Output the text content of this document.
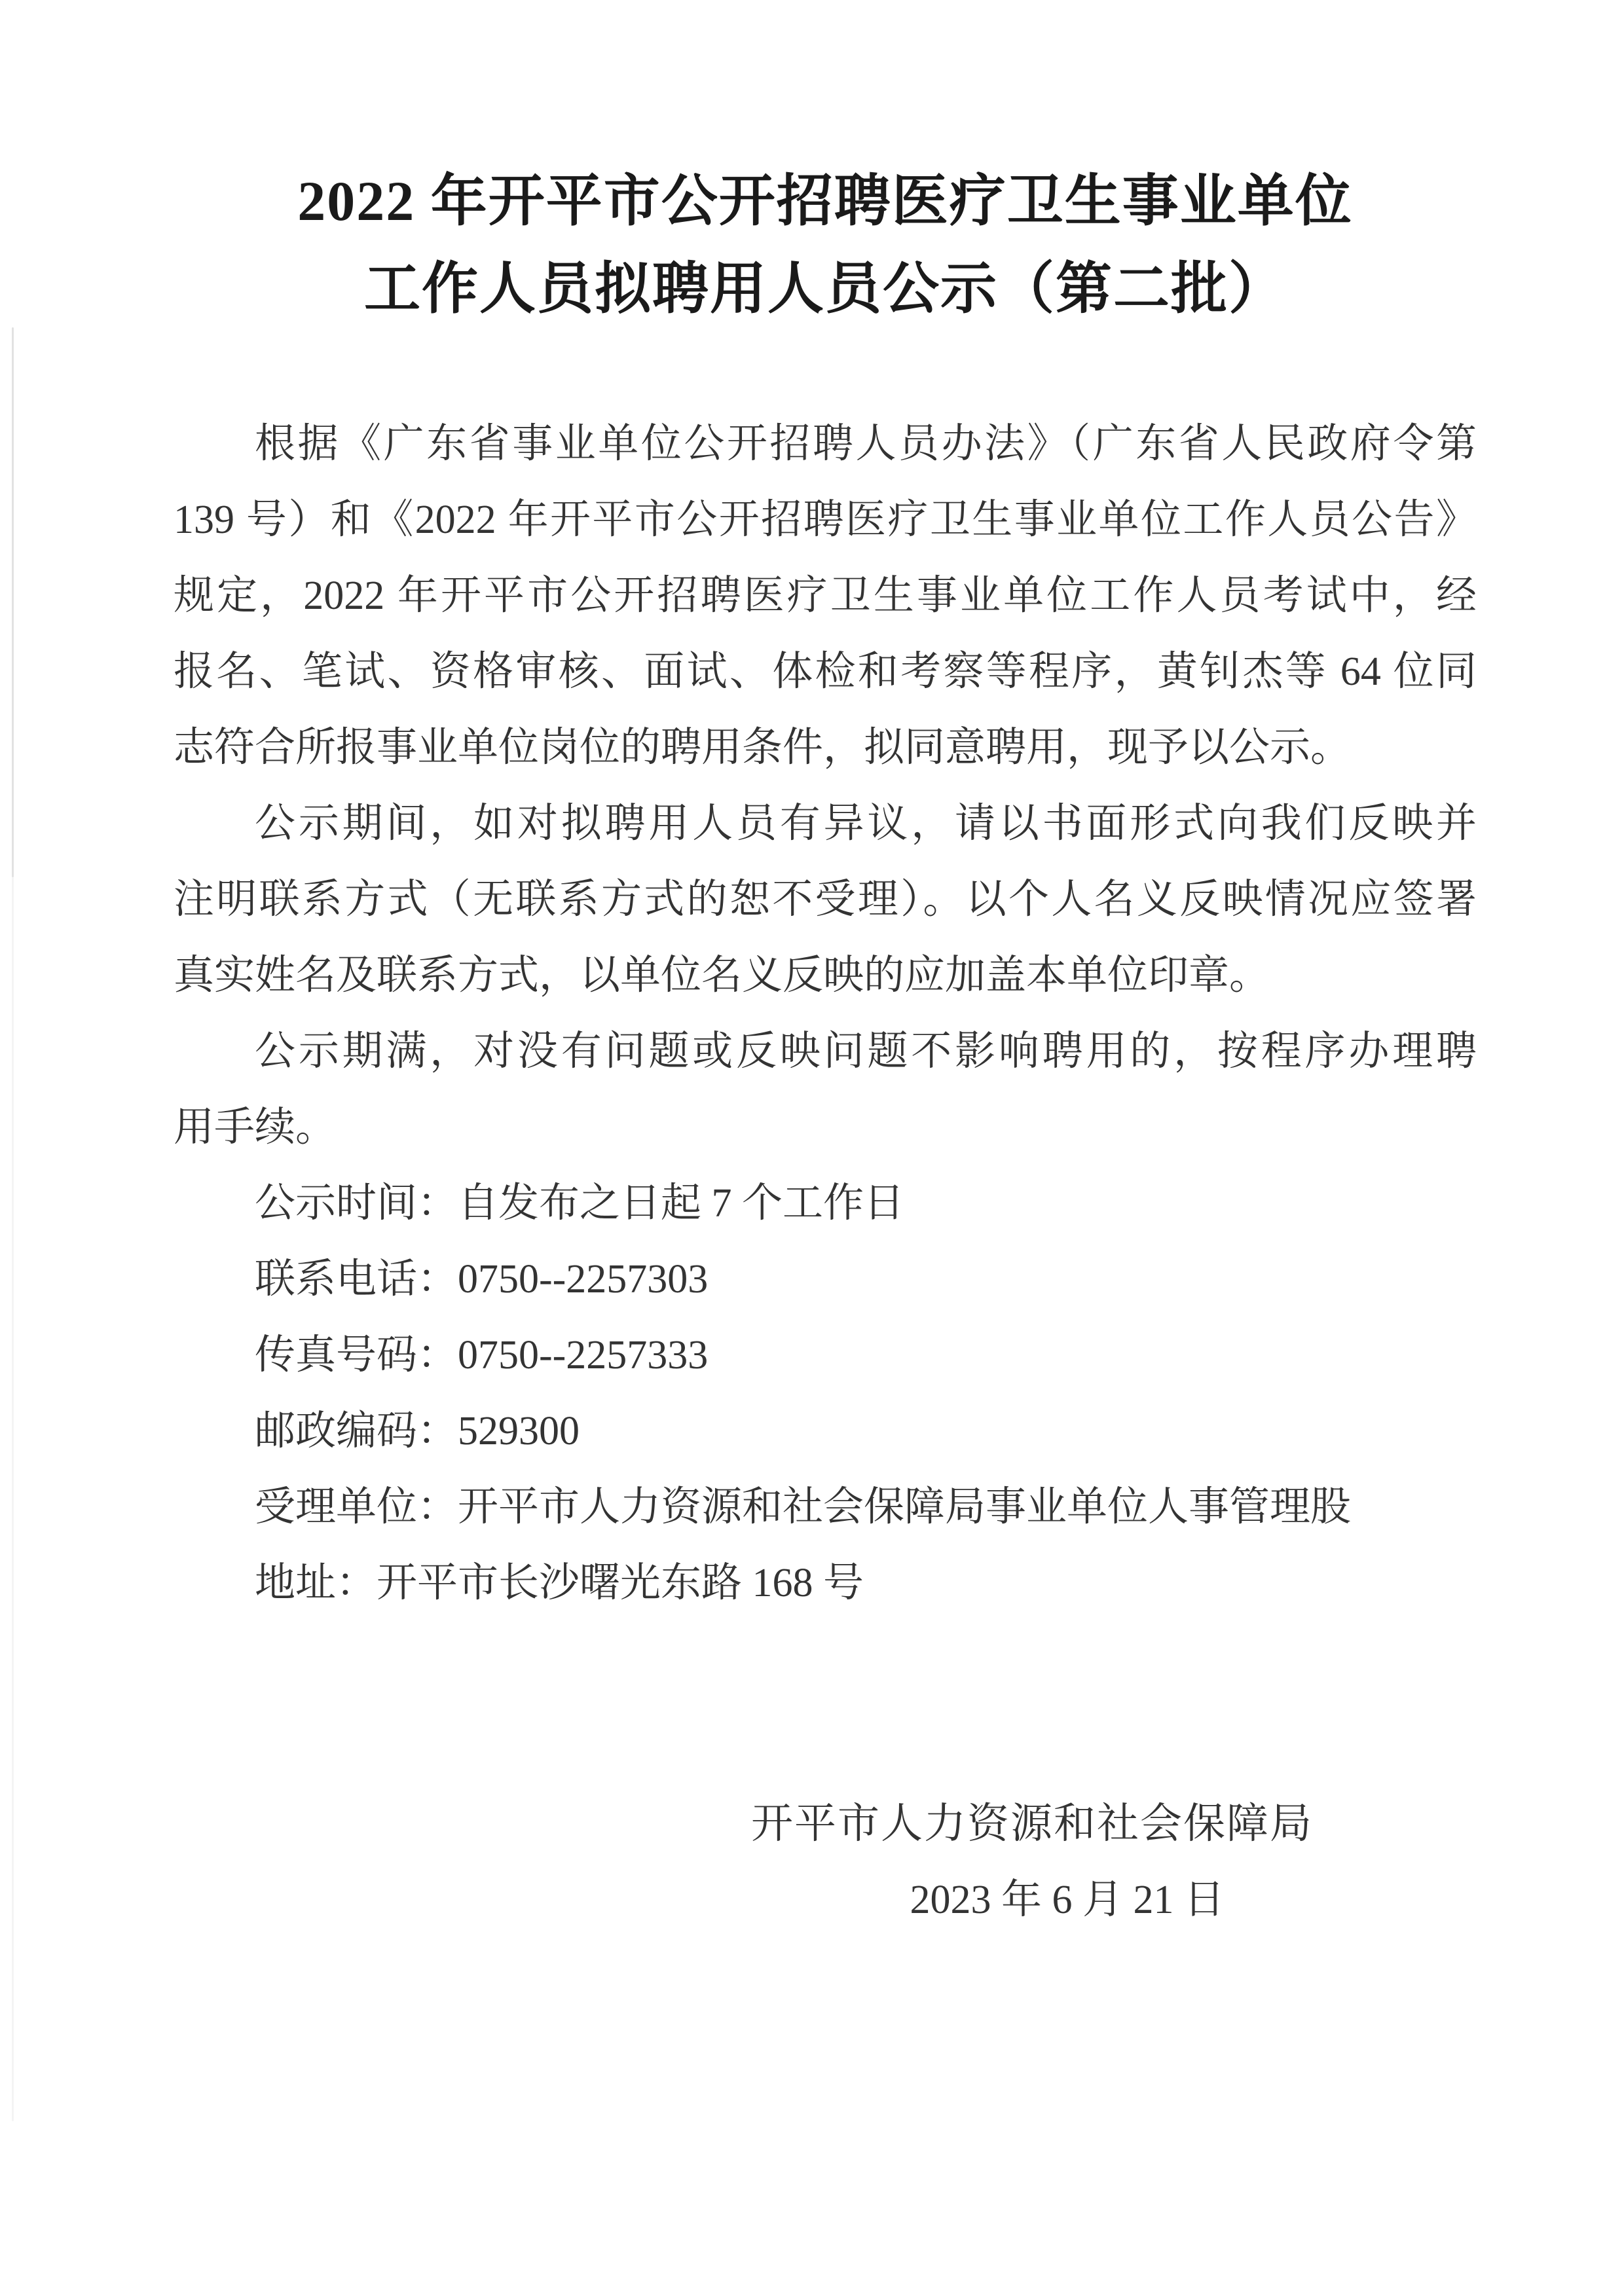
2022 年开平市公开招聘医疗卫生事业单位
工作人员拟聘用人员公示（第二批）
根据《广东省事业单位公开招聘人员办法》（广东省人民政府令第
139 号）和《2022 年开平市公开招聘医疗卫生事业单位工作人员公告》
规定，2022 年开平市公开招聘医疗卫生事业单位工作人员考试中，经
报名、笔试、资格审核、面试、体检和考察等程序，黄钊杰等 64 位同
志符合所报事业单位岗位的聘用条件，拟同意聘用，现予以公示。
公示期间，如对拟聘用人员有异议，请以书面形式向我们反映并
注明联系方式（无联系方式的恕不受理）。以个人名义反映情况应签署
真实姓名及联系方式，以单位名义反映的应加盖本单位印章。
公示期满，对没有问题或反映问题不影响聘用的，按程序办理聘
用手续。
公示时间：自发布之日起 7 个工作日
联系电话：0750--2257303
传真号码：0750--2257333
邮政编码：529300
受理单位：开平市人力资源和社会保障局事业单位人事管理股
地址：开平市长沙曙光东路 168 号
开平市人力资源和社会保障局
2023 年 6 月 21 日
